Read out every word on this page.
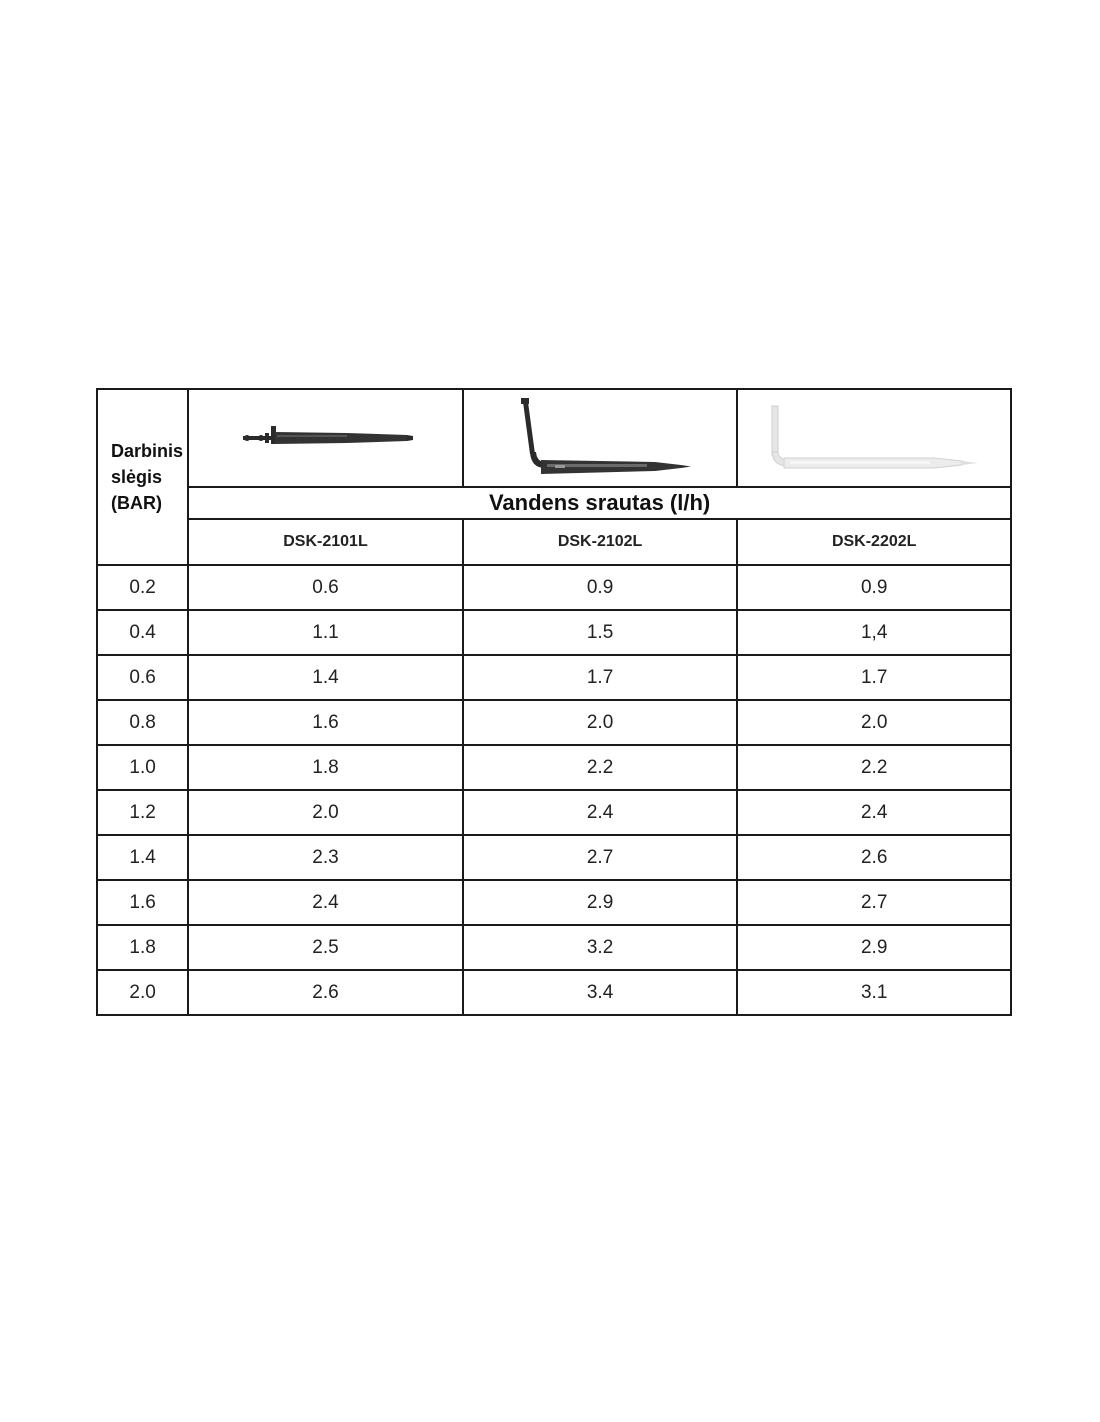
Darbinis
slėgis
(BAR)

	Vandens srautas (l/h)		
	DSK-2101L	DSK-2102L	DSK-2202L
0.2	0.6	0.9	0.9
0.4	1.1	1.5	1,4
0.6	1.4	1.7	1.7
0.8	1.6	2.0	2.0
1.0	1.8	2.2	2.2
1.2	2.0	2.4	2.4
1.4	2.3	2.7	2.6
1.6	2.4	2.9	2.7
1.8	2.5	3.2	2.9
2.0	2.6	3.4	3.1
